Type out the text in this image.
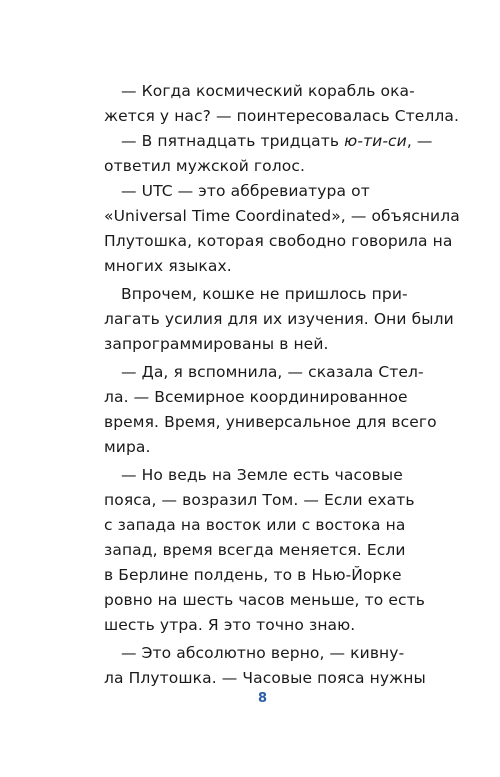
— Когда космический корабль ока-
жется у нас? — поинтересовалась Стелла.
— В пятнадцать тридцать ю-ти-си, —
ответил мужской голос.
— UTC — это аббревиатура от
«Universal Time Coordinated», — объяснила
Плутошка, которая свободно говорила на
многих языках.
Впрочем, кошке не пришлось при-
лагать усилия для их изучения. Они были
запрограммированы в ней.
— Да, я вспомнила, — сказала Стел-
ла. — Всемирное координированное
время. Время, универсальное для всего
мира.
— Но ведь на Земле есть часовые
пояса, — возразил Том. — Если ехать
с запада на восток или с востока на
запад, время всегда меняется. Если
в Берлине полдень, то в Нью-Йорке
ровно на шесть часов меньше, то есть
шесть утра. Я это точно знаю.
— Это абсолютно верно, — кивну-
ла Плутошка. — Часовые пояса нужны
8
